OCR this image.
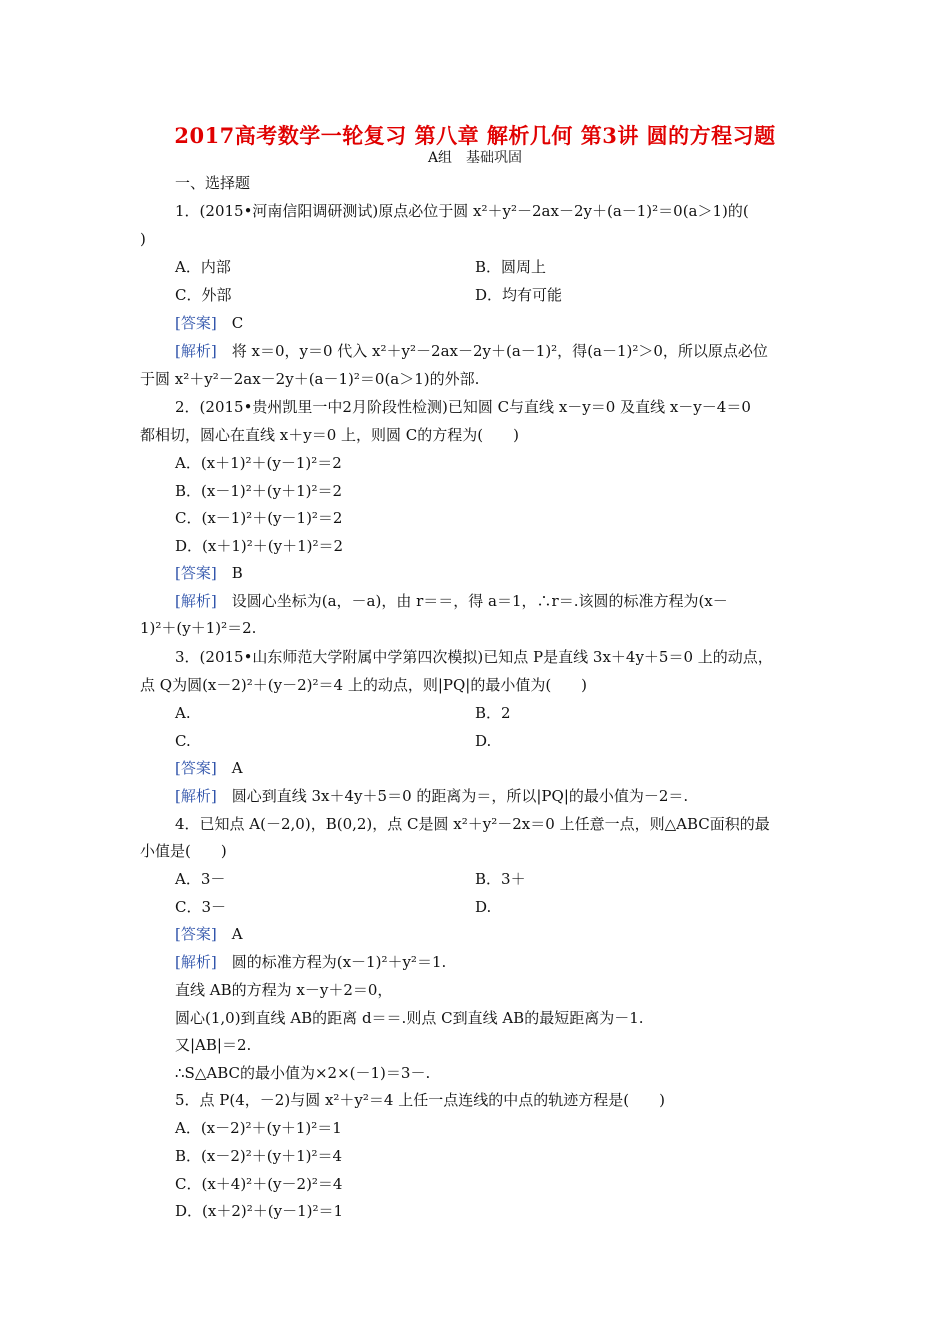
2017高考数学一轮复习 第八章 解析几何 第3讲 圆的方程习题
A组　基础巩固
一、选择题
1．(2015•河南信阳调研测试)原点必位于圆 x²＋y²－2ax－2y＋(a－1)²＝0(a＞1)的(
)
A．内部	B．圆周上
C．外部	D．均有可能
[答案]　 C
[解析]　 将 x＝0，y＝0 代入 x²＋y²－2ax－2y＋(a－1)²，得(a－1)²＞0，所以原点必位
于圆 x²＋y²－2ax－2y＋(a－1)²＝0(a＞1)的外部.
2．(2015•贵州凯里一中2月阶段性检测)已知圆 C与直线 x－y＝0 及直线 x－y－4＝0
都相切，圆心在直线 x＋y＝0 上，则圆 C的方程为(　　)
A．(x＋1)²＋(y－1)²＝2
B．(x－1)²＋(y＋1)²＝2
C．(x－1)²＋(y－1)²＝2
D．(x＋1)²＋(y＋1)²＝2
[答案]　 B
[解析]　 设圆心坐标为(a，－a)，由 r＝＝，得 a＝1，∴r＝.该圆的标准方程为(x－
1)²＋(y＋1)²＝2.
3．(2015•山东师范大学附属中学第四次模拟)已知点 P是直线 3x＋4y＋5＝0 上的动点，
点 Q为圆(x－2)²＋(y－2)²＝4 上的动点，则|PQ|的最小值为(　　)
A.	B．2
C.	D.
[答案]　 A
[解析]　 圆心到直线 3x＋4y＋5＝0 的距离为＝，所以|PQ|的最小值为－2＝.
4．已知点 A(－2,0)，B(0,2)，点 C是圆 x²＋y²－2x＝0 上任意一点，则△ABC面积的最
小值是(　　)
A．3－	B．3＋
C．3－	D.
[答案]　 A
[解析]　 圆的标准方程为(x－1)²＋y²＝1.
直线 AB的方程为 x－y＋2＝0，
圆心(1,0)到直线 AB的距离 d＝＝.则点 C到直线 AB的最短距离为－1.
又|AB|＝2.
∴S△ABC的最小值为×2×(－1)＝3－.
5．点 P(4，－2)与圆 x²＋y²＝4 上任一点连线的中点的轨迹方程是(　　)
A．(x－2)²＋(y＋1)²＝1
B．(x－2)²＋(y＋1)²＝4
C．(x＋4)²＋(y－2)²＝4
D．(x＋2)²＋(y－1)²＝1
